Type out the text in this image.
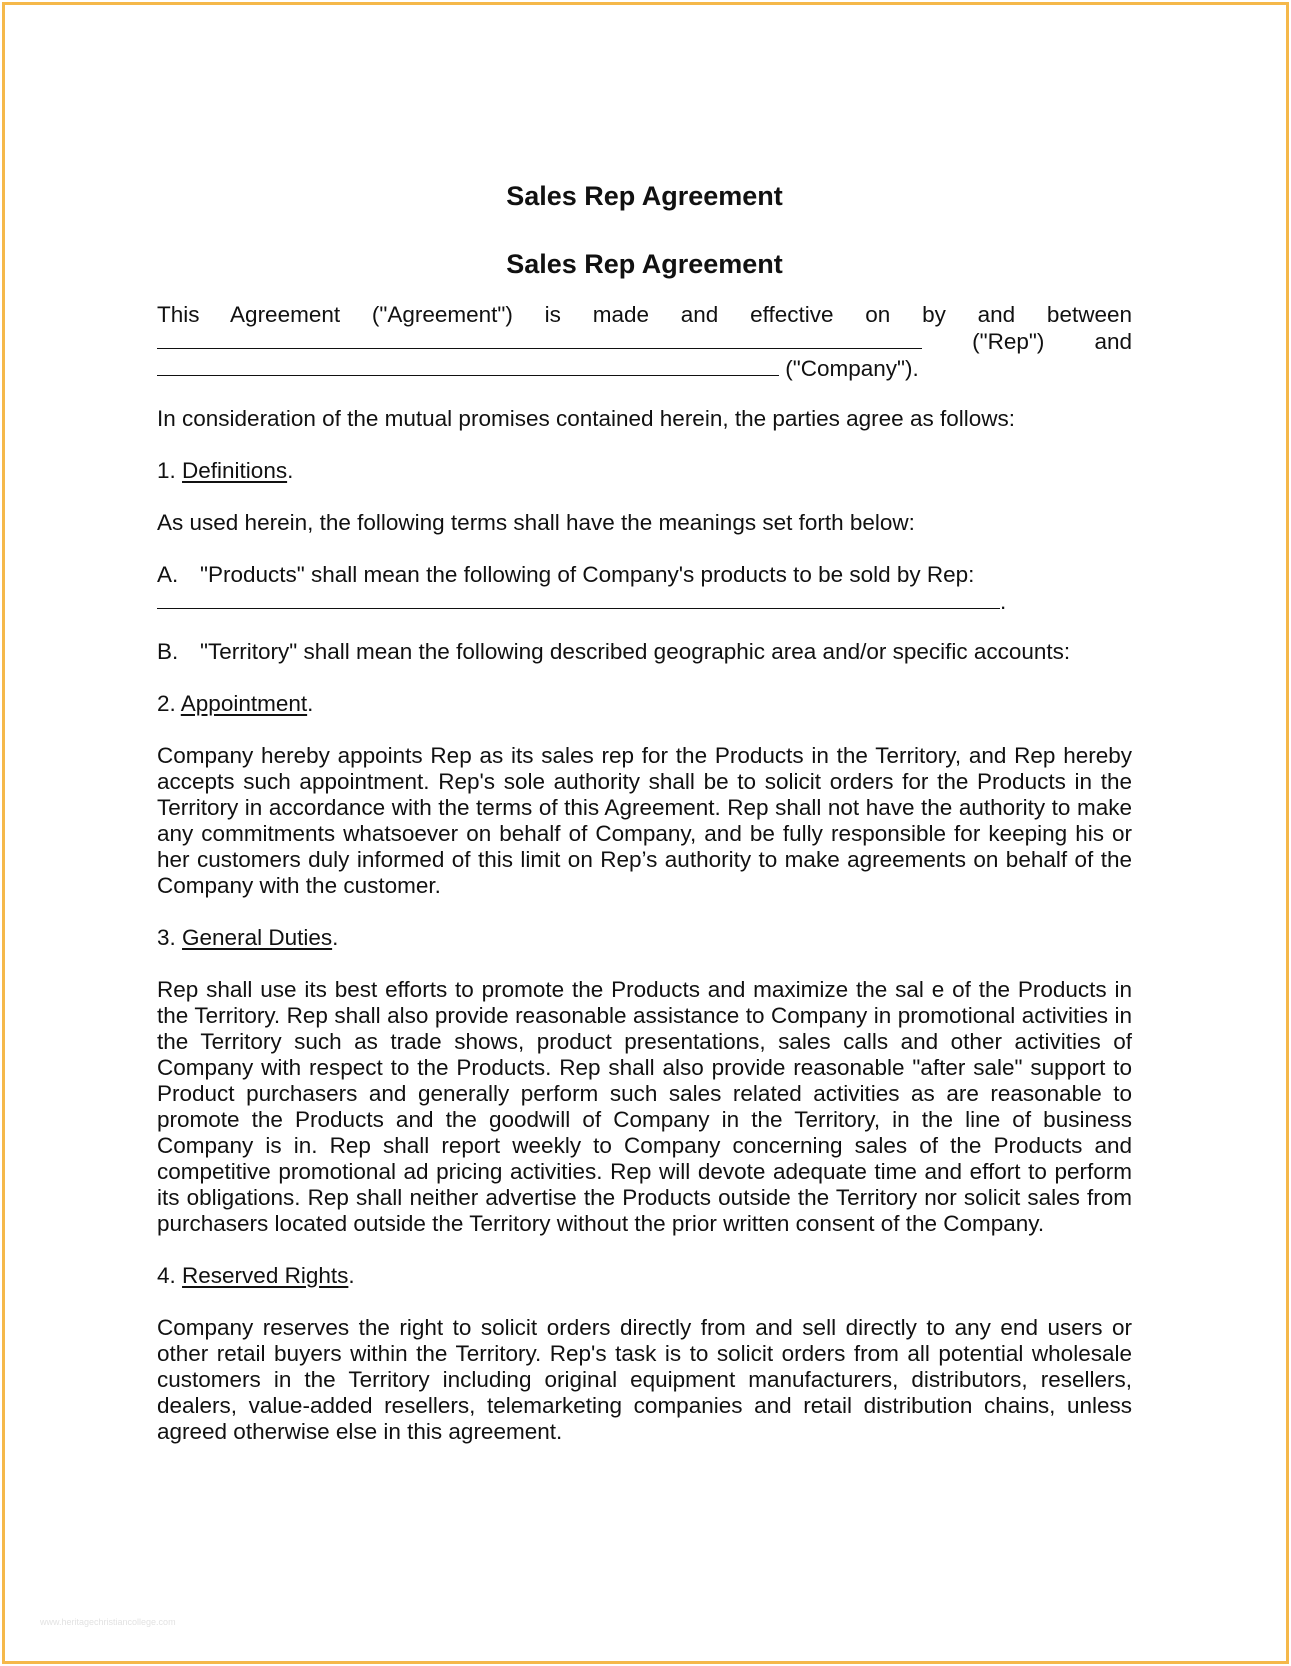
Sales Rep Agreement
Sales Rep Agreement

This Agreement ("Agreement") is made and effective on by and between

("Rep") and

("Company").

In consideration of the mutual promises contained herein, the parties agree as follows:

1. Definitions.

As used herein, the following terms shall have the meanings set forth below:

A. "Products" shall mean the following of Company's products to be sold by Rep:

.

B. "Territory" shall mean the following described geographic area and/or specific accounts:

2. Appointment.

Company hereby appoints Rep as its sales rep for the Products in the Territory, and Rep hereby accepts such appointment. Rep's sole authority shall be to solicit orders for the Products in the Territory in accordance with the terms of this Agreement. Rep shall not have the authority to make any commitments whatsoever on behalf of Company, and be fully responsible for keeping his or her customers duly informed of this limit on Rep’s authority to make agreements on behalf of the Company with the customer.

3. General Duties.

Rep shall use its best efforts to promote the Products and maximize the sal e of the Products in the Territory. Rep shall also provide reasonable assistance to Company in promotional activities in the Territory such as trade shows, product presentations, sales calls and other activities of Company with respect to the Products. Rep shall also provide reasonable "after sale" support to Product purchasers and generally perform such sales related activities as are reasonable to promote the Products and the goodwill of Company in the Territory, in the line of business Company is in. Rep shall report weekly to Company concerning sales of the Products and competitive promotional ad pricing activities. Rep will devote adequate time and effort to perform its obligations. Rep shall neither advertise the Products outside the Territory nor solicit sales from purchasers located outside the Territory without the prior written consent of the Company.

4. Reserved Rights.

Company reserves the right to solicit orders directly from and sell directly to any end users or other retail buyers within the Territory. Rep's task is to solicit orders from all potential wholesale customers in the Territory including original equipment manufacturers, distributors, resellers, dealers, value-added resellers, telemarketing companies and retail distribution chains, unless agreed otherwise else in this agreement.

www.heritagechristiancollege.com
